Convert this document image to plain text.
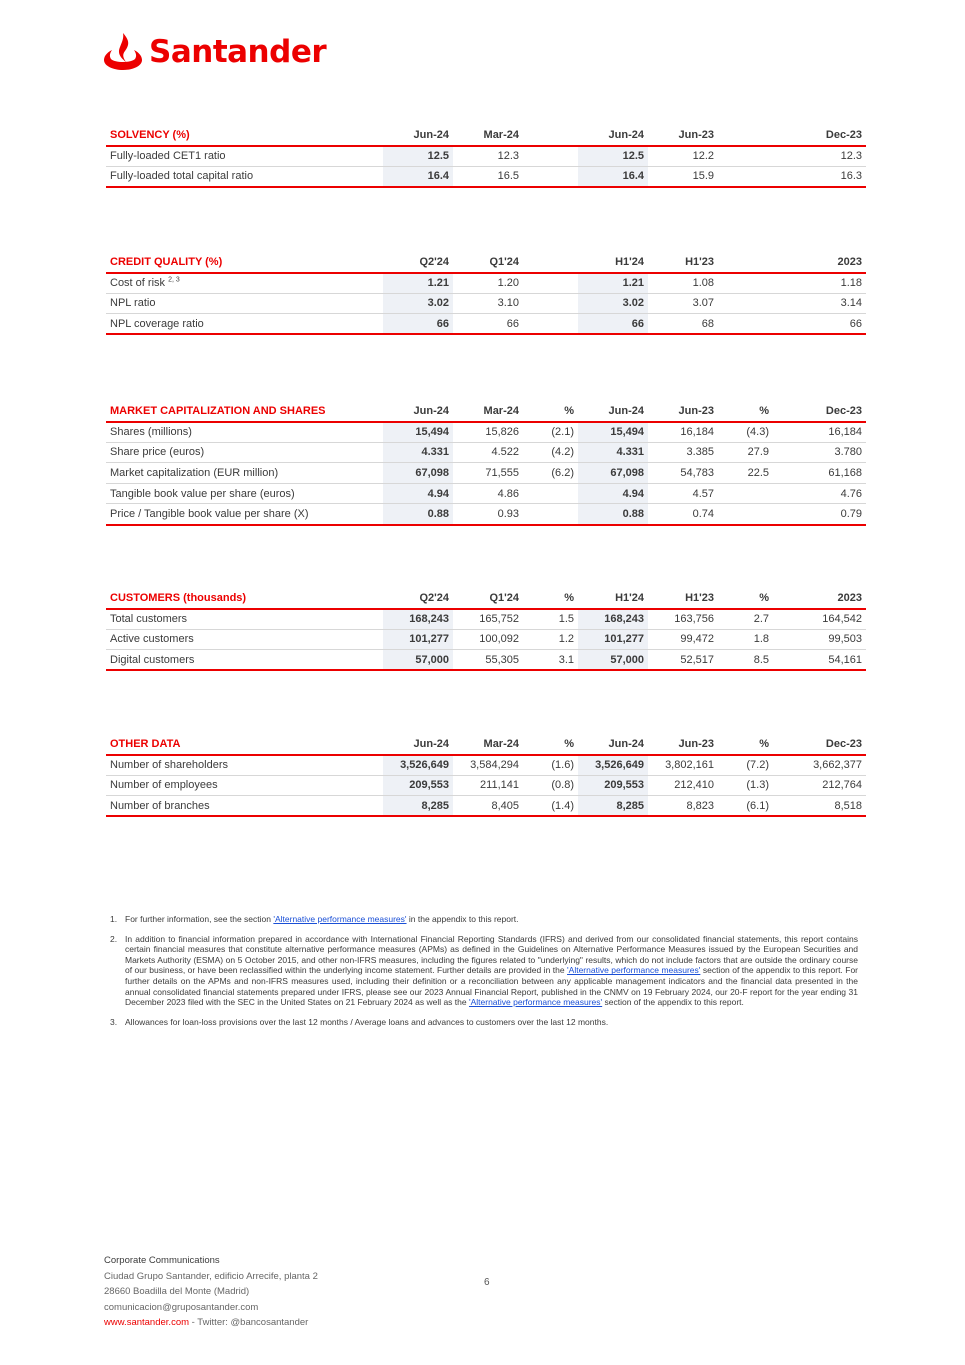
Santander
SOLVENCY (%)	Jun-24	Mar-24		Jun-24	Jun-23		Dec-23
Fully-loaded CET1 ratio	12.5	12.3		12.5	12.2		12.3
Fully-loaded total capital ratio	16.4	16.5		16.4	15.9		16.3
CREDIT QUALITY (%)	Q2'24	Q1'24		H1'24	H1'23		2023
Cost of risk $^{2, 3}$	1.21	1.20		1.21	1.08		1.18
NPL ratio	3.02	3.10		3.02	3.07		3.14
NPL coverage ratio	66	66		66	68		66
MARKET CAPITALIZATION AND SHARES	Jun-24	Mar-24	%	Jun-24	Jun-23	%	Dec-23
Shares (millions)	15,494	15,826	(2.1)	15,494	16,184	(4.3)	16,184
Share price (euros)	4.331	4.522	(4.2)	4.331	3.385	27.9	3.780
Market capitalization (EUR million)	67,098	71,555	(6.2)	67,098	54,783	22.5	61,168
Tangible book value per share (euros)	4.94	4.86		4.94	4.57		4.76
Price / Tangible book value per share (X)	0.88	0.93		0.88	0.74		0.79
CUSTOMERS (thousands)	Q2'24	Q1'24	%	H1'24	H1'23	%	2023
Total customers	168,243	165,752	1.5	168,243	163,756	2.7	164,542
Active customers	101,277	100,092	1.2	101,277	99,472	1.8	99,503
Digital customers	57,000	55,305	3.1	57,000	52,517	8.5	54,161
OTHER DATA	Jun-24	Mar-24	%	Jun-24	Jun-23	%	Dec-23
Number of shareholders	3,526,649	3,584,294	(1.6)	3,526,649	3,802,161	(7.2)	3,662,377
Number of employees	209,553	211,141	(0.8)	209,553	212,410	(1.3)	212,764
Number of branches	8,285	8,405	(1.4)	8,285	8,823	(6.1)	8,518
1. For further information, see the section 'Alternative performance measures' in the appendix to this report.
2. In addition to financial information prepared in accordance with International Financial Reporting Standards (IFRS) and derived from our consolidated financial statements, this report contains certain financial measures that constitute alternative performance measures (APMs) as defined in the Guidelines on Alternative Performance Measures issued by the European Securities and Markets Authority (ESMA) on 5 October 2015, and other non-IFRS measures, including the figures related to "underlying" results, which do not include factors that are outside the ordinary course of our business, or have been reclassified within the underlying income statement. Further details are provided in the 'Alternative performance measures' section of the appendix to this report. For further details on the APMs and non-IFRS measures used, including their definition or a reconciliation between any applicable management indicators and the financial data presented in the annual consolidated financial statements prepared under IFRS, please see our 2023 Annual Financial Report, published in the CNMV on 19 February 2024, our 20-F report for the year ending 31 December 2023 filed with the SEC in the United States on 21 February 2024 as well as the 'Alternative performance measures' section of the appendix to this report.
3. Allowances for loan-loss provisions over the last 12 months / Average loans and advances to customers over the last 12 months.
Corporate Communications
Ciudad Grupo Santander, edificio Arrecife, planta 2
28660 Boadilla del Monte (Madrid)
comunicacion@gruposantander.com
www.santander.com - Twitter: @bancosantander
6
